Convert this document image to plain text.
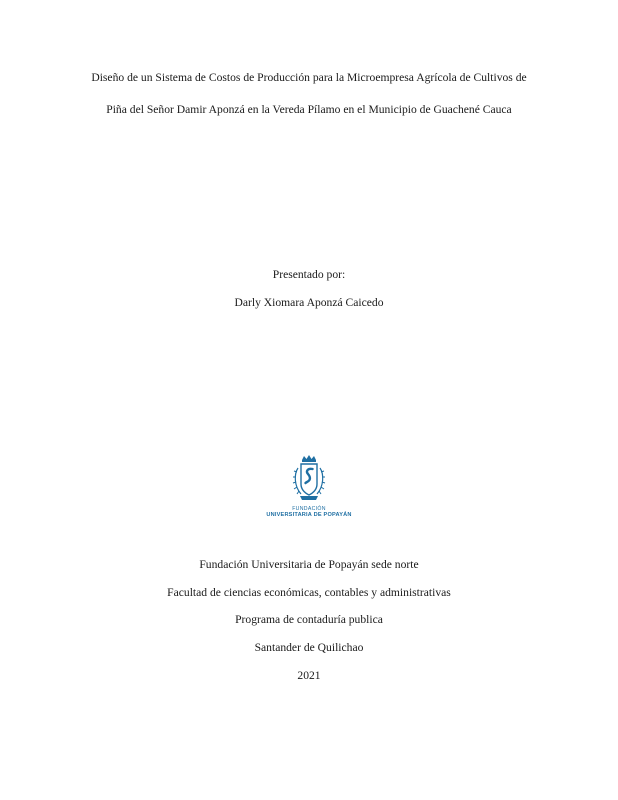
Diseño de un Sistema de Costos de Producción para la Microempresa Agrícola de Cultivos de
Piña del Señor Damir Aponzá en la Vereda Pílamo en el Municipio de Guachené Cauca
Presentado por:
Darly Xiomara Aponzá Caicedo
FUNDACIÓN
UNIVERSITARIA DE POPAYÁN
Fundación Universitaria de Popayán sede norte
Facultad de ciencias económicas, contables y administrativas
Programa de contaduría publica
Santander de Quilichao
2021
